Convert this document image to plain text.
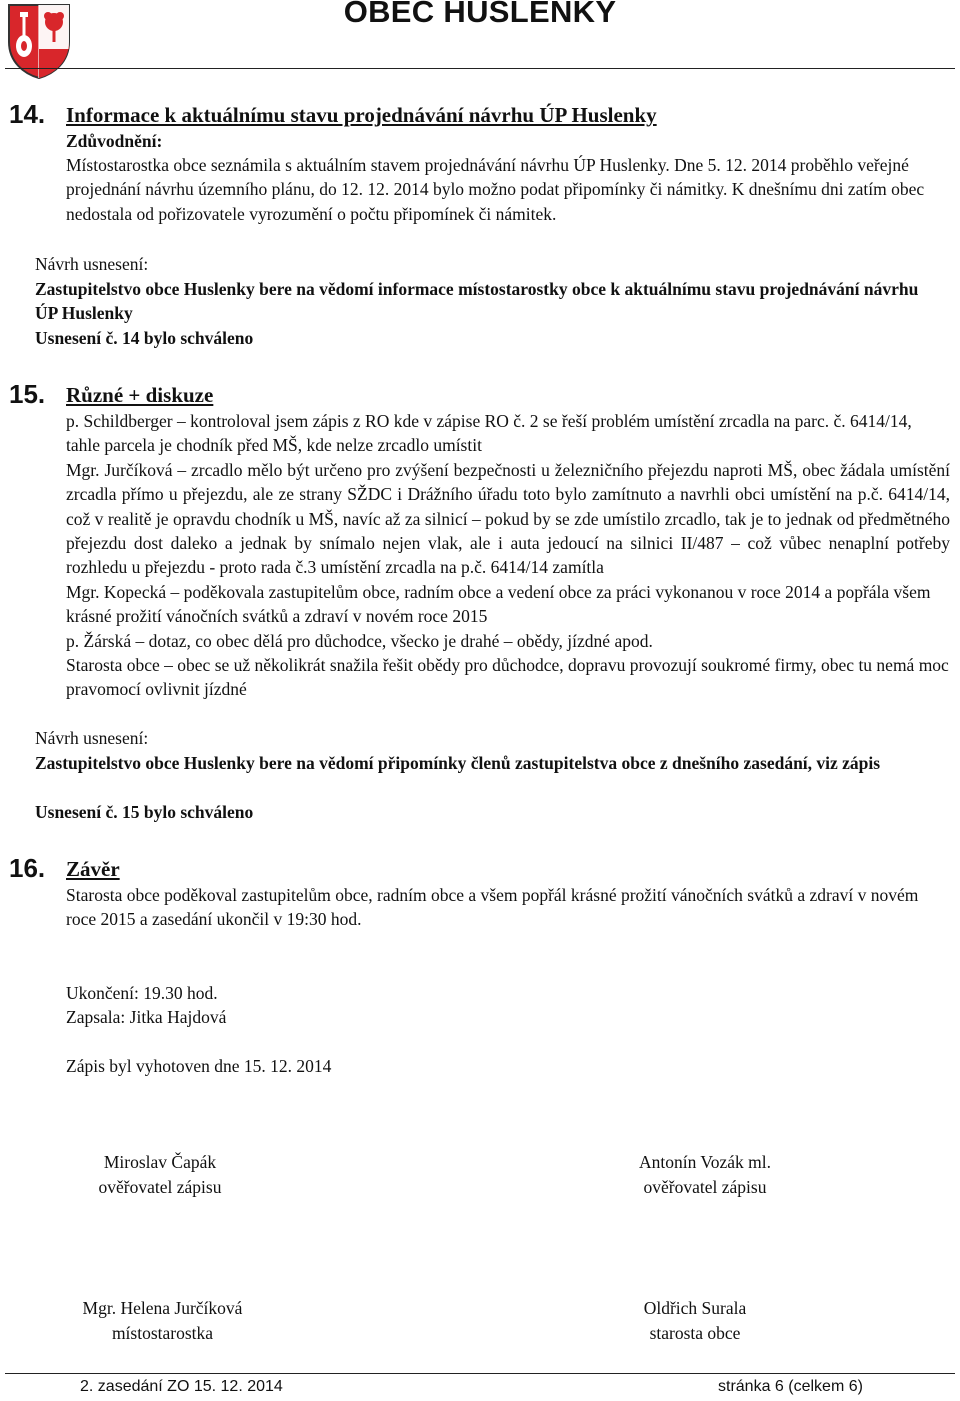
OBEC HUSLENKY
14. Informace k aktuálnímu stavu projednávání návrhu ÚP Huslenky
Zdůvodnění:
Místostarostka obce seznámila s aktuálním stavem projednávání návrhu ÚP Huslenky. Dne 5. 12. 2014 proběhlo veřejné projednání návrhu územního plánu, do 12. 12. 2014 bylo možno podat připomínky či námitky. K dnešnímu dni zatím obec nedostala od pořizovatele vyrozumění o počtu připomínek či námitek.
Návrh usnesení:
Zastupitelstvo obce Huslenky bere na vědomí informace místostarostky obce k aktuálnímu stavu projednávání návrhu ÚP Huslenky
Usnesení č. 14 bylo schváleno
15. Různé + diskuze

p. Schildberger – kontroloval jsem zápis z RO kde v zápise RO č. 2 se řeší problém umístění zrcadla na parc. č. 6414/14, tahle parcela je chodník před MŠ, kde nelze zrcadlo umístit

Mgr. Jurčíková – zrcadlo mělo být určeno pro zvýšení bezpečnosti u železničního přejezdu naproti MŠ, obec žádala umístění zrcadla přímo u přejezdu, ale ze strany SŽDC i Drážního úřadu toto bylo zamítnuto a navrhli obci umístění na p.č. 6414/14, což v realitě je opravdu chodník u MŠ, navíc až za silnicí – pokud by se zde umístilo zrcadlo, tak je to jednak od předmětného přejezdu dost daleko a jednak by snímalo nejen vlak, ale i auta jedoucí na silnici II/487 – což vůbec nenaplní potřeby rozhledu u přejezdu - proto rada č.3 umístění zrcadla na p.č. 6414/14 zamítla

Mgr. Kopecká – poděkovala zastupitelům obce, radním obce a vedení obce za práci vykonanou v roce 2014 a popřála všem krásné prožití vánočních svátků a zdraví v novém roce 2015

p. Žárská – dotaz, co obec dělá pro důchodce, všecko je drahé – obědy, jízdné apod.

Starosta obce – obec se už několikrát snažila řešit obědy pro důchodce, dopravu provozují soukromé firmy, obec tu nemá moc pravomocí ovlivnit jízdné

Návrh usnesení:
Zastupitelstvo obce Huslenky bere na vědomí připomínky členů zastupitelstva obce z dnešního zasedání, viz zápis
Usnesení č. 15 bylo schváleno
16. Závěr
Starosta obce poděkoval zastupitelům obce, radním obce a všem popřál krásné prožití vánočních svátků a zdraví v novém roce 2015 a zasedání ukončil v 19:30 hod.
Ukončení: 19.30 hod.
Zapsala: Jitka Hajdová
Zápis byl vyhotoven dne 15. 12. 2014
Miroslav Čapák
ověřovatel zápisu
Antonín Vozák ml.
ověřovatel zápisu
Mgr. Helena Jurčíková
místostarostka
Oldřich Surala
starosta obce
2. zasedání ZO 15. 12. 2014	stránka 6 (celkem 6)
